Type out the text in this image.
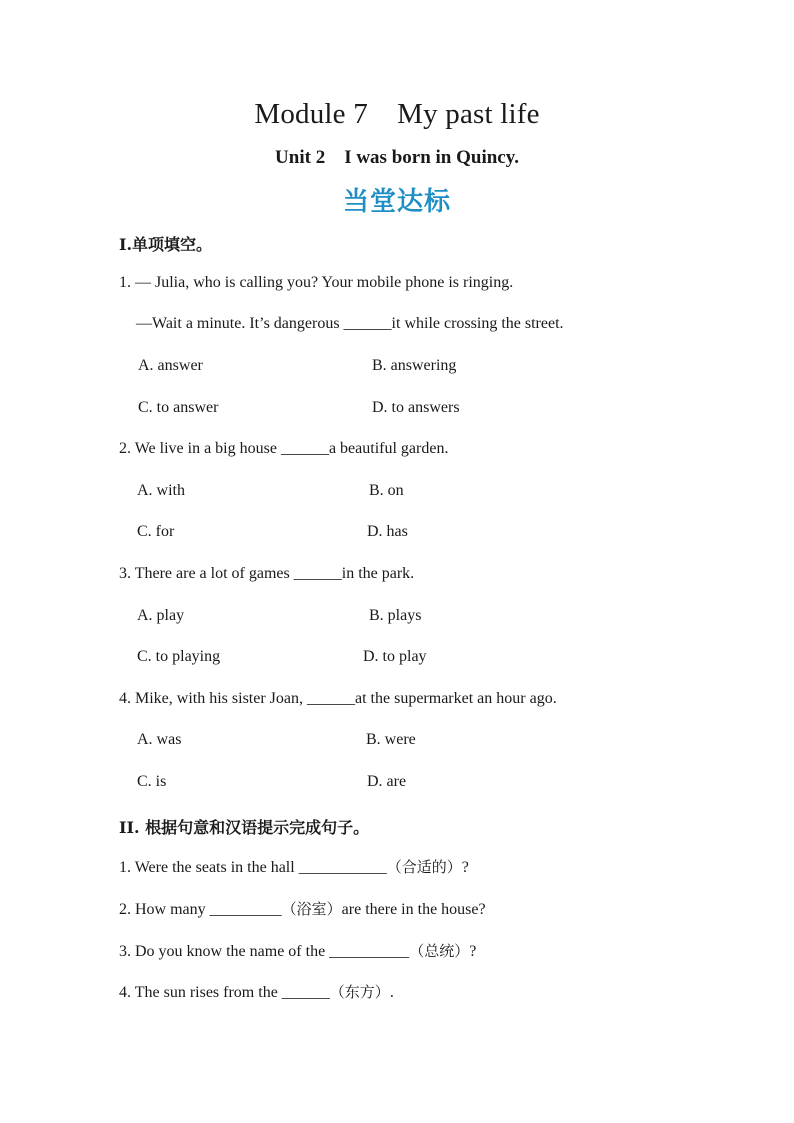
Module 7 My past life
Unit 2 I was born in Quincy.
当堂达标
I.单项填空。
1. — Julia, who is calling you? Your mobile phone is ringing.
—Wait a minute. It’s dangerous ______it while crossing the street.
A. answer	B. answering
C. to answer	D. to answers
2. We live in a big house ______a beautiful garden.
A. with	B. on
C. for	D. has
3. There are a lot of games ______in the park.
A. play	B. plays
C. to playing	D. to play
4. Mike, with his sister Joan, ______at the supermarket an hour ago.
A. was	B. were
C. is	D. are
II. 根据句意和汉语提示完成句子。
1. Were the seats in the hall ___________（合适的）?
2. How many _________（浴室）are there in the house?
3. Do you know the name of the __________（总统）?
4. The sun rises from the ______（东方）.
